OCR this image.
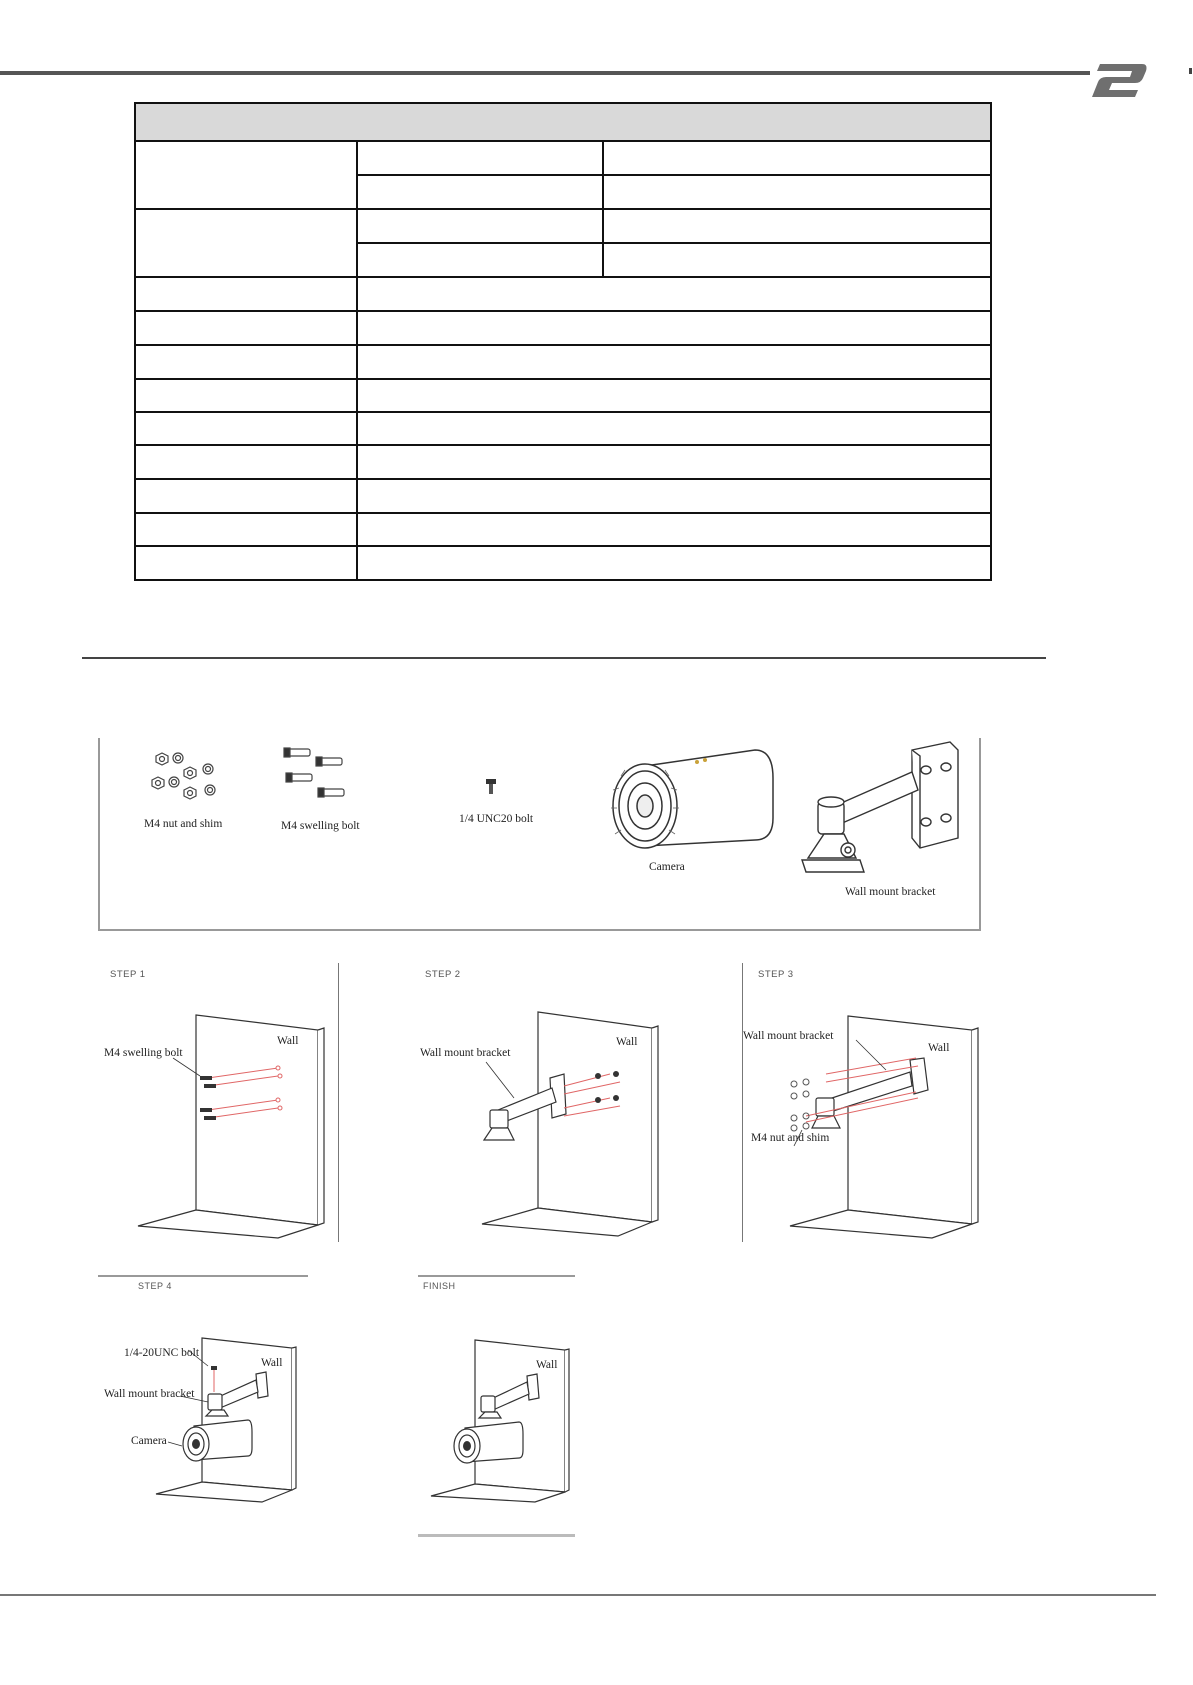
M4 nut and shim	M4 swelling bolt
1/4 UNC20 bolt
Camera
Wall mount bracket
STEP 1
Wall
M4 swelling bolt
STEP 2
Wall
Wall mount bracket
STEP 3
Wall
Wall mount bracket
M4 nut and shim
STEP 4
Wall
1/4-20UNC bolt
Wall mount bracket
Camera
FINISH
Wall
